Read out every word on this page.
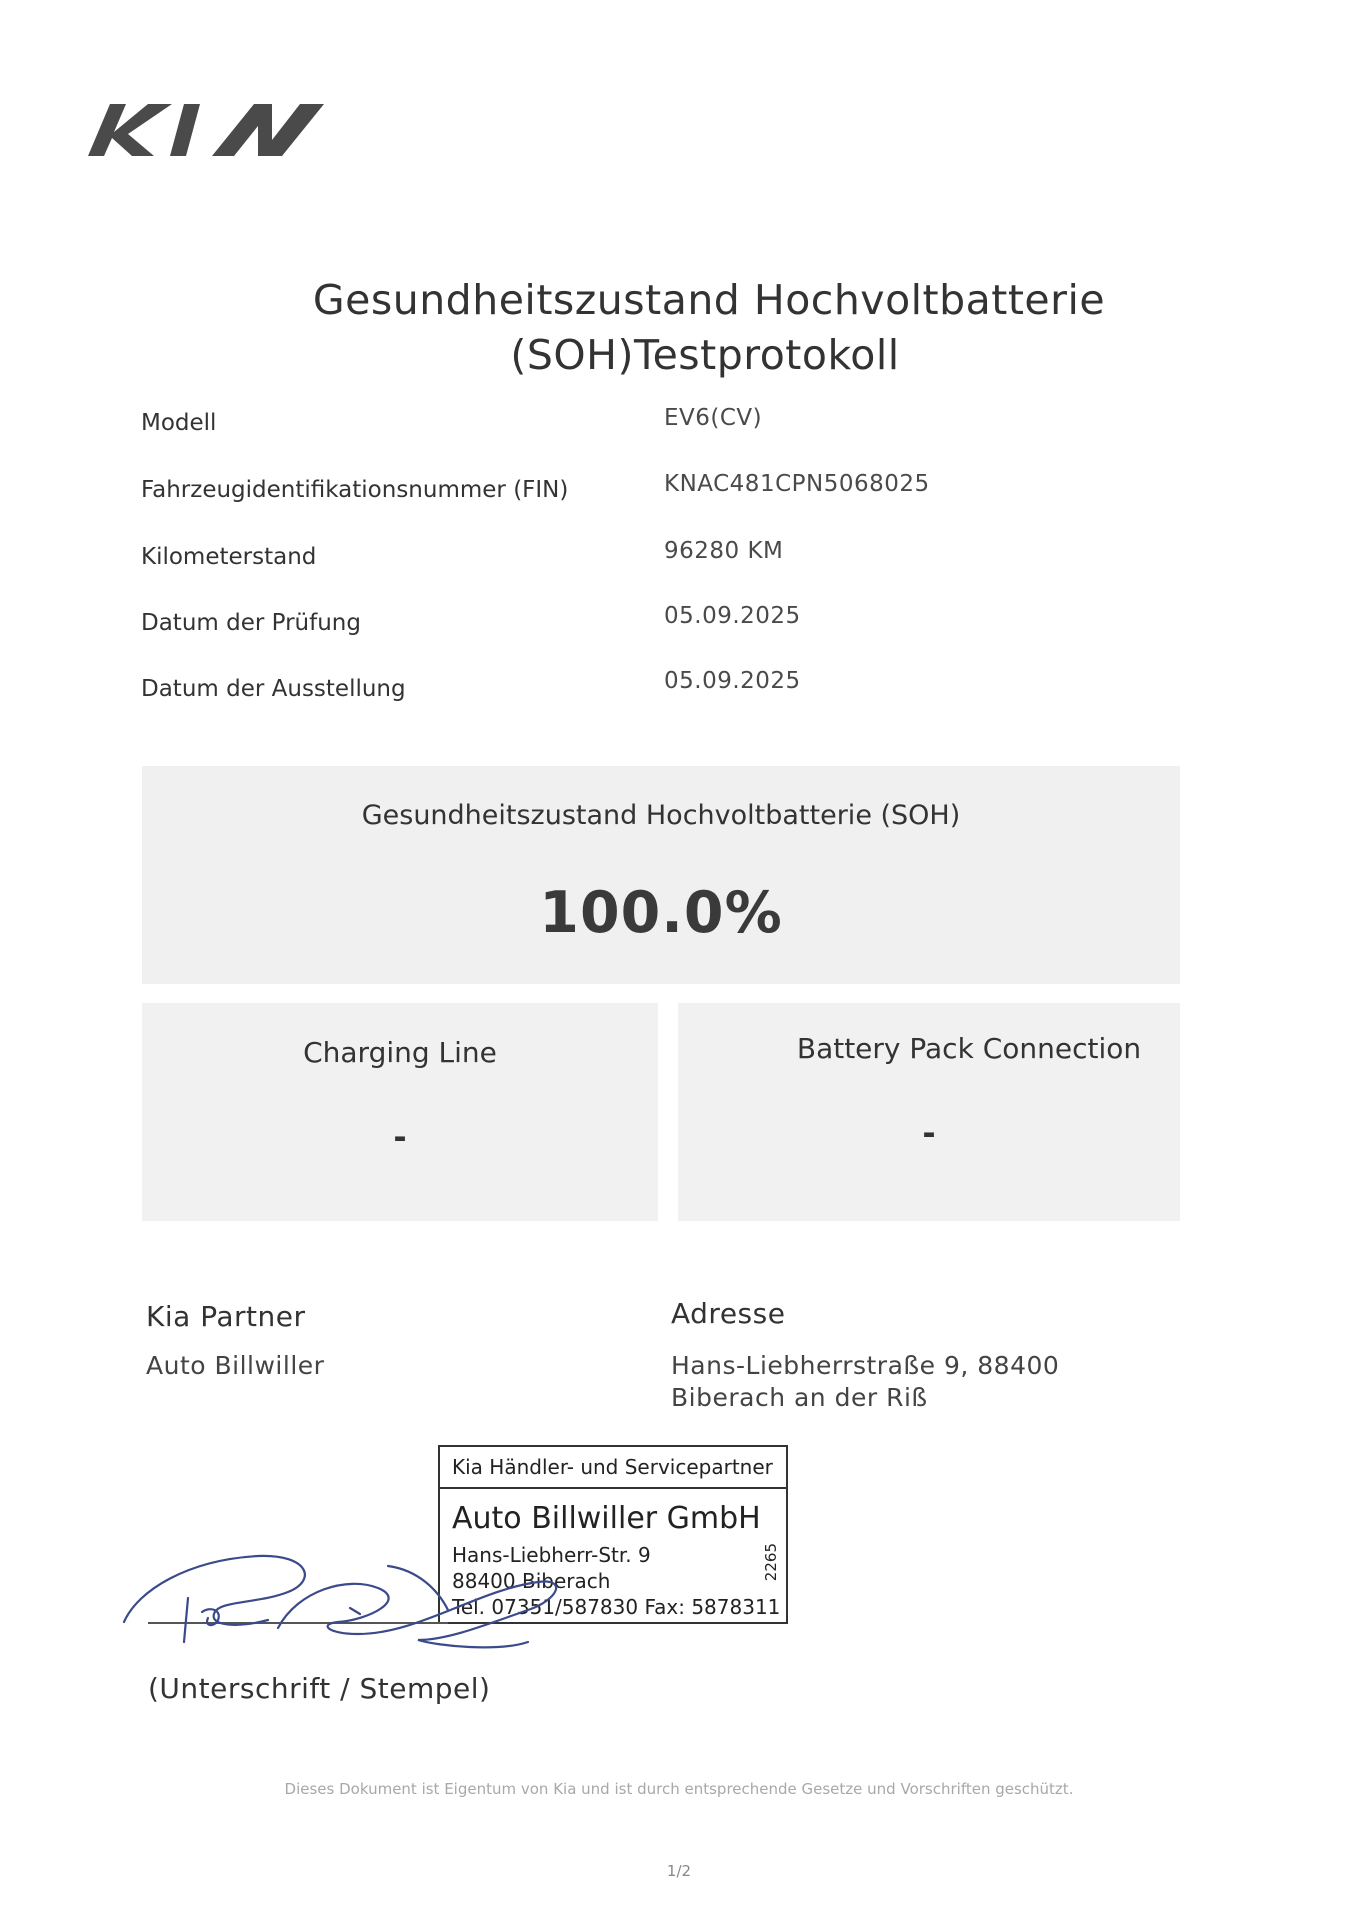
Gesundheitszustand Hochvoltbatterie
(SOH)Testprotokoll
Modell	EV6(CV)
Fahrzeugidentifikationsnummer (FIN)	KNAC481CPN5068025
Kilometerstand	96280 KM
Datum der Prüfung	05.09.2025
Datum der Ausstellung	05.09.2025
Gesundheitszustand Hochvoltbatterie (SOH)
100.0%
Charging Line
-
Battery Pack Connection
-
Kia Partner
Auto Billwiller
Adresse
Hans-Liebherrstraße 9, 88400
Biberach an der Riß
Kia Händler- und Servicepartner
Auto Billwiller GmbH
Hans-Liebherr-Str. 9
88400 Biberach
Tel. 07351/587830 Fax: 5878311
2265
(Unterschrift / Stempel)
Dieses Dokument ist Eigentum von Kia und ist durch entsprechende Gesetze und Vorschriften geschützt.
1/2
